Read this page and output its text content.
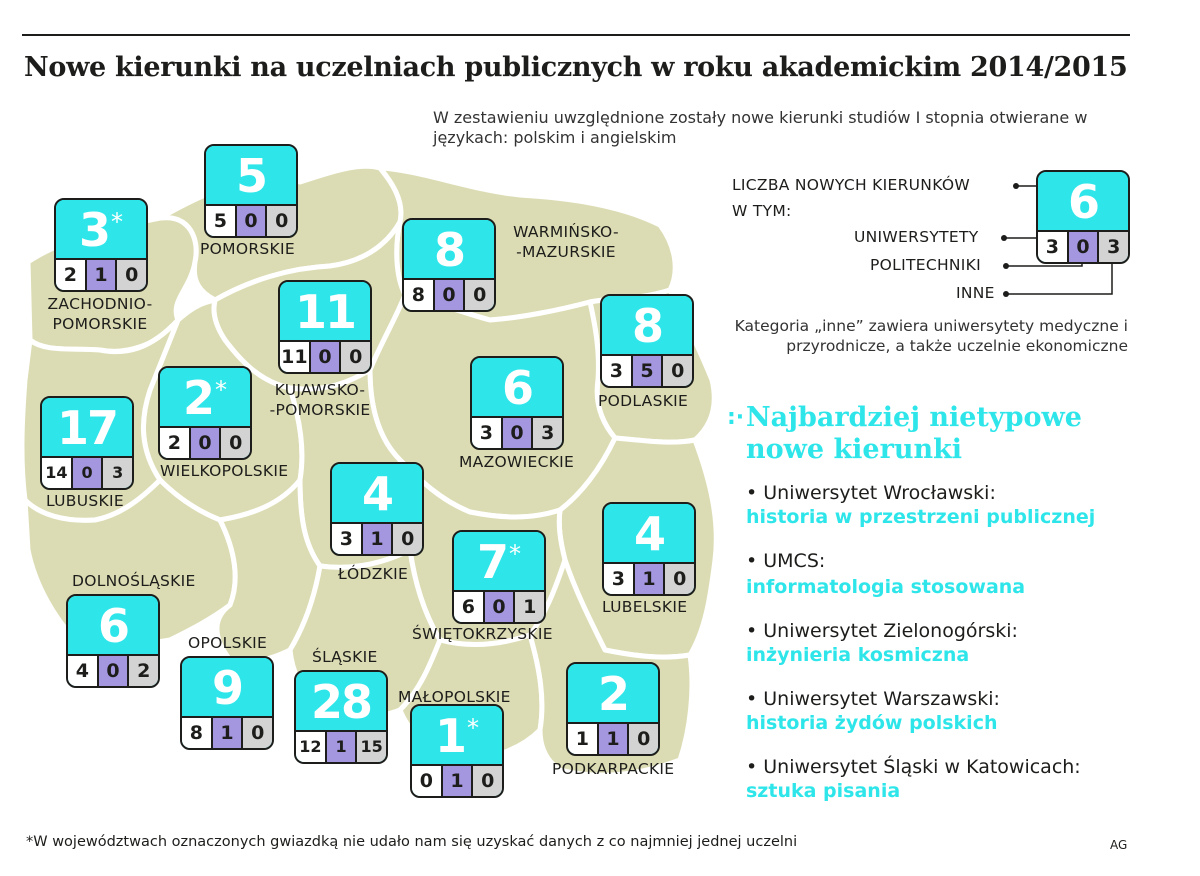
Nowe kierunki na uczelniach publicznych w roku akademickim 2014/2015
W zestawieniu uwzględnione zostały nowe kierunki studiów I stopnia otwierane w językach: polskim i angielskim
5
5 0 0
3*
2 1 0	8
8 0 0
11
11 0 0
8
3 5 0
2*
2 0 0
17
14 0	3
6
3 0 3
4
3 1 0	7*
6 0 1
4
3 1 0
6
4 0 2	9
8 1 0
28
12 1 15	1*
0 1 0
2
1 1 0
POMORSKIE
ZACHODNIO-
POMORSKIE
WARMIŃSKO-
-MAZURSKIE
KUJAWSKO-
-POMORSKIE	PODLASKIE
WIELKOPOLSKIE
LUBUSKIE
MAZOWIECKIE
ŁÓDZKIE
ŚWIĘTOKRZYSKIE
LUBELSKIE
DOLNOŚLĄSKIE
OPOLSKIE
ŚLĄSKIE
MAŁOPOLSKIE
PODKARPACKIE
LICZBA NOWYCH KIERUNKÓW
W TYM:
UNIWERSYTETY
POLITECHNIKI
INNE
6
3 0 3
Kategoria „inne” zawiera uniwersytety medyczne i przyrodnicze, a także uczelnie ekonomiczne
:· Najbardziej nietypowe
nowe kierunki
• Uniwersytet Wrocławski:
historia w przestrzeni publicznej
• UMCS:
informatologia stosowana
• Uniwersytet Zielonogórski:
inżynieria kosmiczna
• Uniwersytet Warszawski:
historia żydów polskich
• Uniwersytet Śląski w Katowicach:
sztuka pisania
*W województwach oznaczonych gwiazdką nie udało nam się uzyskać danych z co najmniej jednej uczelni	AG
